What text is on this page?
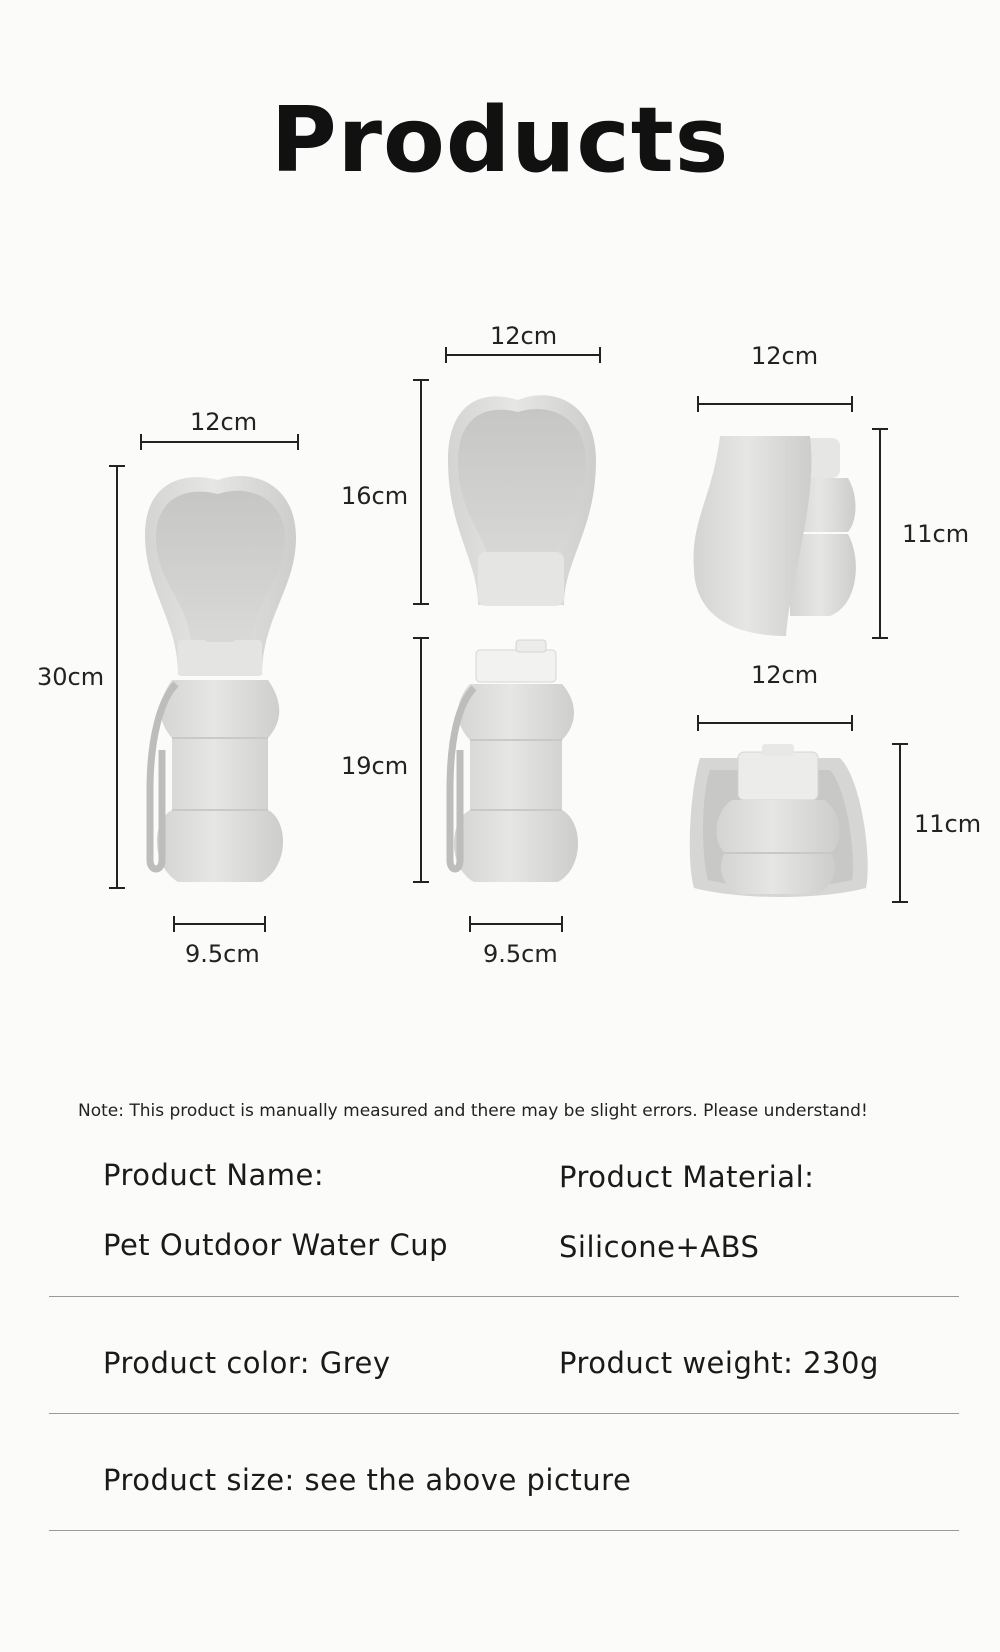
Products
12cm
30cm
9.5cm
12cm
16cm
19cm
9.5cm
12cm
11cm
12cm
11cm
Note: This product is manually measured and there may be slight errors. Please understand!
Product Name:
Pet Outdoor Water Cup
Product Material:
Silicone+ABS
Product color: Grey	Product weight: 230g
Product size: see the above picture
